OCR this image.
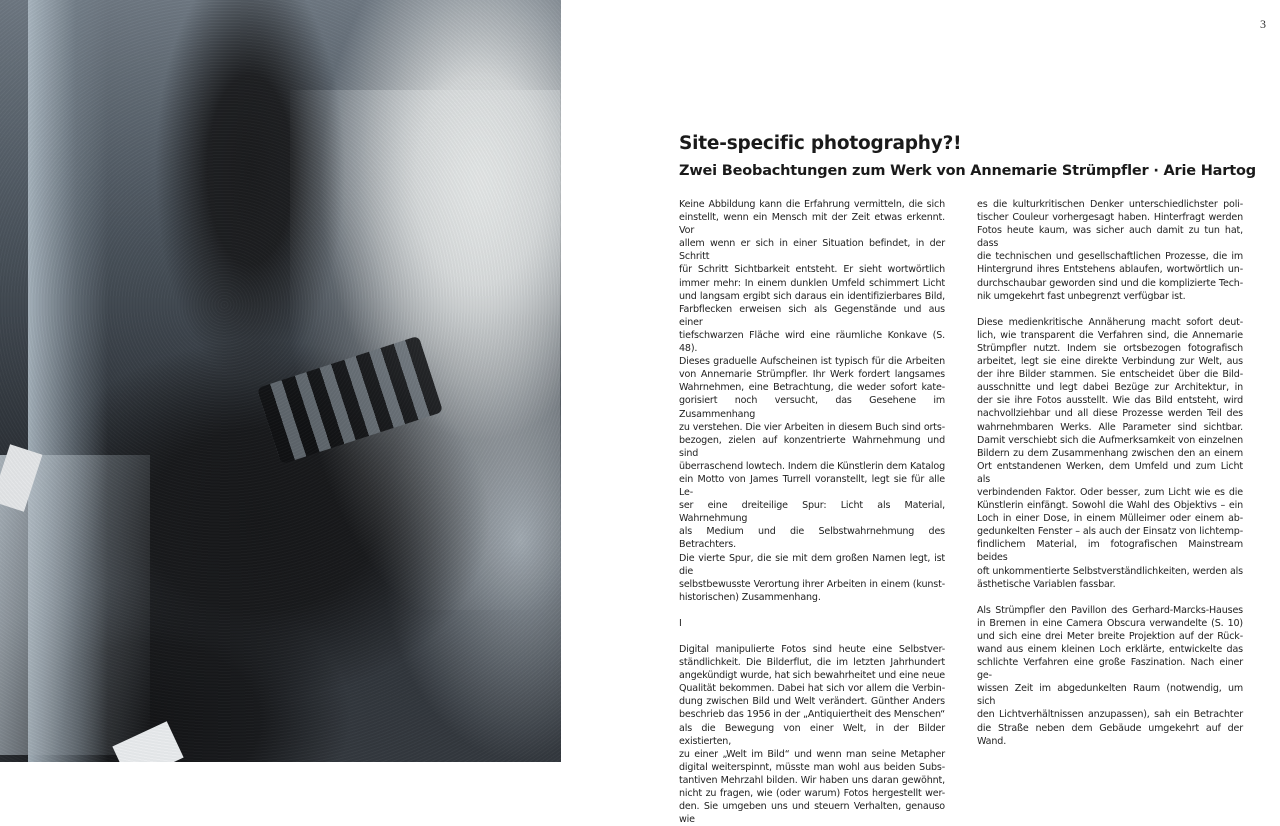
3
Site-specific photography?!
Zwei Beobachtungen zum Werk von Annemarie Strümpfler · Arie Hartog

Keine Abbildung kann die Erfahrung vermitteln, die sich
einstellt, wenn ein Mensch mit der Zeit etwas erkennt. Vor
allem wenn er sich in einer Situation befindet, in der Schritt
für Schritt Sichtbarkeit entsteht. Er sieht wortwörtlich
immer mehr: In einem dunklen Umfeld schimmert Licht
und langsam ergibt sich daraus ein identifizierbares Bild,
Farbflecken erweisen sich als Gegenstände und aus einer
tiefschwarzen Fläche wird eine räumliche Konkave (S. 48).
Dieses graduelle Aufscheinen ist typisch für die Arbeiten
von Annemarie Strümpfler. Ihr Werk fordert langsames
Wahrnehmen, eine Betrachtung, die weder sofort kate-
gorisiert noch versucht, das Gesehene im Zusammenhang
zu verstehen. Die vier Arbeiten in diesem Buch sind orts-
bezogen, zielen auf konzentrierte Wahrnehmung und sind
überraschend lowtech. Indem die Künstlerin dem Katalog
ein Motto von James Turrell voranstellt, legt sie für alle Le-
ser eine dreiteilige Spur: Licht als Material, Wahrnehmung
als Medium und die Selbstwahrnehmung des Betrachters.
Die vierte Spur, die sie mit dem großen Namen legt, ist die
selbstbewusste Verortung ihrer Arbeiten in einem (kunst-

historischen) Zusammenhang.

I

Digital manipulierte Fotos sind heute eine Selbstver-
ständlichkeit. Die Bilderflut, die im letzten Jahrhundert
angekündigt wurde, hat sich bewahrheitet und eine neue
Qualität bekommen. Dabei hat sich vor allem die Verbin-
dung zwischen Bild und Welt verändert. Günther Anders
beschrieb das 1956 in der „Antiquiertheit des Menschen“
als die Bewegung von einer Welt, in der Bilder existierten,
zu einer „Welt im Bild“ und wenn man seine Metapher
digital weiterspinnt, müsste man wohl aus beiden Subs-
tantiven Mehrzahl bilden. Wir haben uns daran gewöhnt,
nicht zu fragen, wie (oder warum) Fotos hergestellt wer-
den. Sie umgeben uns und steuern Verhalten, genauso wie

es die kulturkritischen Denker unterschiedlichster poli-
tischer Couleur vorhergesagt haben. Hinterfragt werden
Fotos heute kaum, was sicher auch damit zu tun hat, dass
die technischen und gesellschaftlichen Prozesse, die im
Hintergrund ihres Entstehens ablaufen, wortwörtlich un-
durchschaubar geworden sind und die komplizierte Tech-

nik umgekehrt fast unbegrenzt verfügbar ist.

Diese medienkritische Annäherung macht sofort deut-
lich, wie transparent die Verfahren sind, die Annemarie
Strümpfler nutzt. Indem sie ortsbezogen fotografisch
arbeitet, legt sie eine direkte Verbindung zur Welt, aus
der ihre Bilder stammen. Sie entscheidet über die Bild-
ausschnitte und legt dabei Bezüge zur Architektur, in
der sie ihre Fotos ausstellt. Wie das Bild entsteht, wird
nachvollziehbar und all diese Prozesse werden Teil des
wahrnehmbaren Werks. Alle Parameter sind sichtbar.
Damit verschiebt sich die Aufmerksamkeit von einzelnen
Bildern zu dem Zusammenhang zwischen den an einem
Ort entstandenen Werken, dem Umfeld und zum Licht als
verbindenden Faktor. Oder besser, zum Licht wie es die
Künstlerin einfängt. Sowohl die Wahl des Objektivs – ein
Loch in einer Dose, in einem Mülleimer oder einem ab-
gedunkelten Fenster – als auch der Einsatz von lichtemp-
findlichem Material, im fotografischen Mainstream beides
oft unkommentierte Selbstverständlichkeiten, werden als

ästhetische Variablen fassbar.

Als Strümpfler den Pavillon des Gerhard-Marcks-Hauses
in Bremen in eine Camera Obscura verwandelte (S. 10)
und sich eine drei Meter breite Projektion auf der Rück-
wand aus einem kleinen Loch erklärte, entwickelte das
schlichte Verfahren eine große Faszination. Nach einer ge-
wissen Zeit im abgedunkelten Raum (notwendig, um sich
den Lichtverhältnissen anzupassen), sah ein Betrachter
die Straße neben dem Gebäude umgekehrt auf der Wand.
